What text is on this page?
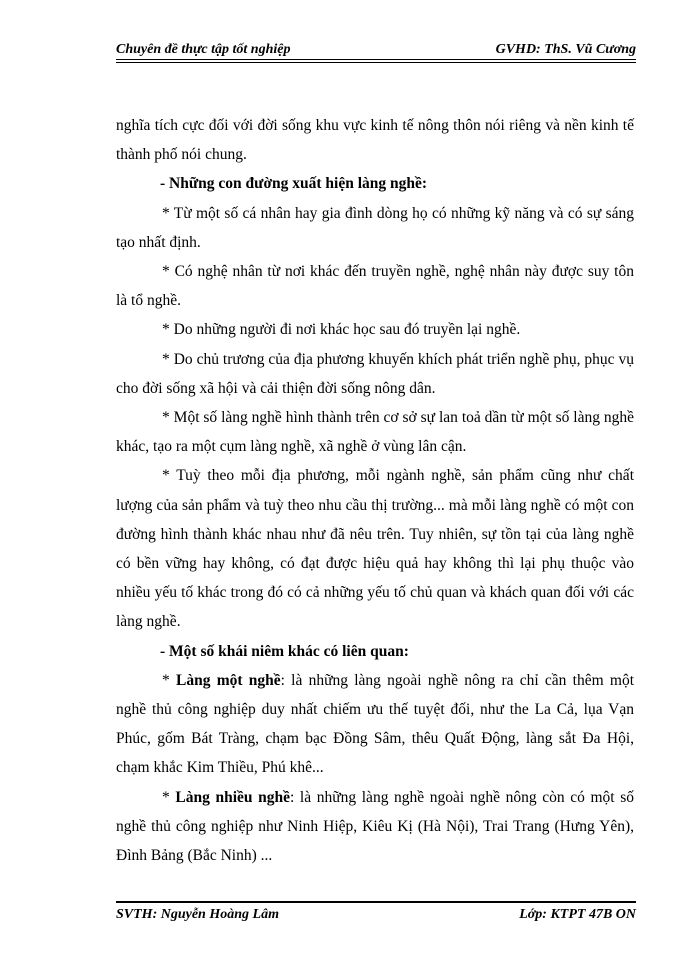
Chuyên đề thực tập tốt nghiệp	GVHD: ThS. Vũ Cương

nghĩa tích cực đối với đời sống khu vực kinh tế nông thôn nói riêng và nền kinh tế thành phố nói chung.

- Những con đường xuất hiện làng nghề:

* Từ một số cá nhân hay gia đình dòng họ có những kỹ năng và có sự sáng tạo nhất định.

* Có nghệ nhân từ nơi khác đến truyền nghề, nghệ nhân này được suy tôn là tổ nghề.

* Do những người đi nơi khác học sau đó truyền lại nghề.

* Do chủ trương của địa phương khuyến khích phát triển nghề phụ, phục vụ cho đời sống xã hội và cải thiện đời sống nông dân.

* Một số làng nghề hình thành trên cơ sở sự lan toả dần từ một số làng nghề khác, tạo ra một cụm làng nghề, xã nghề ở vùng lân cận.

* Tuỳ theo mỗi địa phương, mỗi ngành nghề, sản phẩm cũng như chất lượng của sản phẩm và tuỳ theo nhu cầu thị trường... mà mỗi làng nghề có một con đường hình thành khác nhau như đã nêu trên. Tuy nhiên, sự tồn tại của làng nghề có bền vững hay không, có đạt được hiệu quả hay không thì lại phụ thuộc vào nhiều yếu tố khác trong đó có cả những yếu tố chủ quan và khách quan đối với các làng nghề.

- Một số khái niêm khác có liên quan:

* Làng một nghề: là những làng ngoài nghề nông ra chỉ cần thêm một nghề thủ công nghiệp duy nhất chiếm ưu thế tuyệt đối, như the La Cả, lụa Vạn Phúc, gốm Bát Tràng, chạm bạc Đồng Sâm, thêu Quất Động, làng sắt Đa Hội, chạm khắc Kim Thiều, Phú khê...

* Làng nhiều nghề: là những làng nghề ngoài nghề nông còn có một số nghề thủ công nghiệp như Ninh Hiệp, Kiêu Kị (Hà Nội), Trai Trang (Hưng Yên), Đình Bảng (Bắc Ninh) ...

SVTH: Nguyễn Hoàng Lâm	Lớp: KTPT 47B ON
